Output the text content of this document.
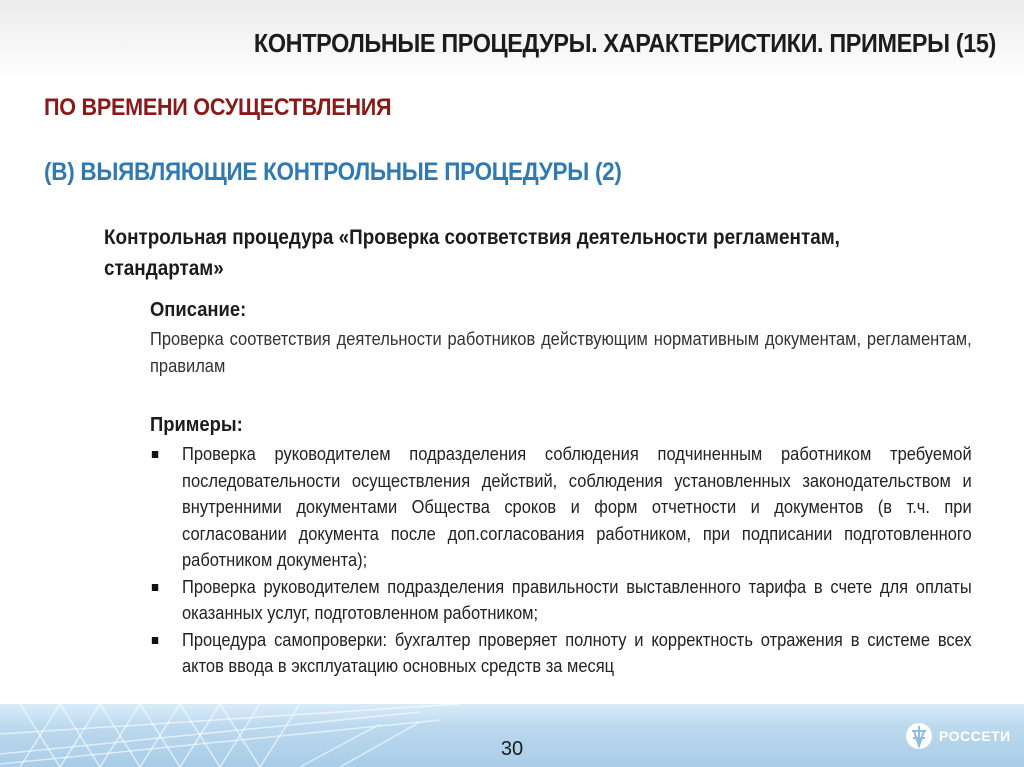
КОНТРОЛЬНЫЕ ПРОЦЕДУРЫ. ХАРАКТЕРИСТИКИ. ПРИМЕРЫ (15)
ПО ВРЕМЕНИ ОСУЩЕСТВЛЕНИЯ
(В) ВЫЯВЛЯЮЩИЕ КОНТРОЛЬНЫЕ ПРОЦЕДУРЫ (2)
Контрольная процедура «Проверка соответствия деятельности регламентам, стандартам»
Описание:
Проверка соответствия деятельности работников действующим нормативным документам, регламентам, правилам
Примеры:
Проверка руководителем подразделения соблюдения подчиненным работником требуемой последовательности осуществления действий, соблюдения установленных законодательством и внутренними документами Общества сроков и форм отчетности и документов (в т.ч. при согласовании документа после доп.согласования работником, при подписании подготовленного работником документа);
Проверка руководителем подразделения правильности выставленного тарифа в счете для оплаты оказанных услуг, подготовленном работником;
Процедура самопроверки: бухгалтер проверяет полноту и корректность отражения в системе всех актов ввода в эксплуатацию основных средств за месяц
30
РОССЕТИ
